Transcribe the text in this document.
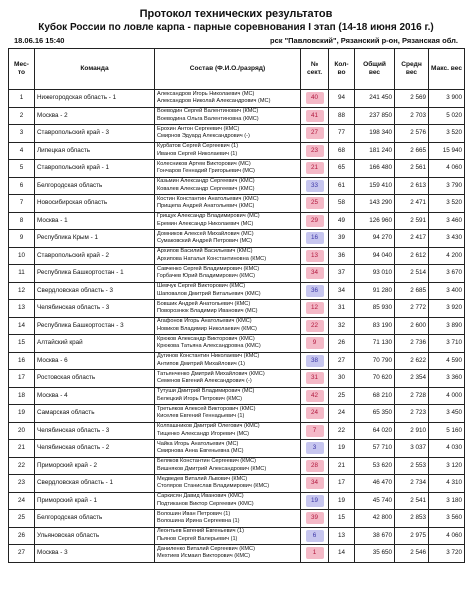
Протокол технических результатов
Кубок России по ловле карпа - парные соревнования I этап (14-18 июня 2016 г.)
18.06.16 15:40	рск "Павловский", Рязанский р-он, Рязанская обл.
Мес-то	Команда	Состав (Ф.И.О./разряд)	№ сект.	Кол-во	Общий вес	Средн вес	Макс. вес
1	Нижегородская область - 1	Александров Игорь Николаевич (МС)
Александров Николай Александрович (МС)	40	94	241 450	2 569	3 900
2	Москва - 2	Воеводин Сергей Валентинович (КМС)
Воеводина Ольга Валентиновна (КМС)	41	88	237 850	2 703	5 020
3	Ставропольский край - 3	Ерохин Антон Сергеевич (КМС)
Смирнов Эдуард Александрович (-)	27	77	198 340	2 576	3 520
4	Липецкая область	Курбатов Сергей Сергеевич (1)
Иванов Сергей Николаевич (1)	23	68	181 240	2 665	15 940
5	Ставропольский край - 1	Колесников Артем Викторович (МС)
Гончаров Геннадий Григорьевич (МС)	21	65	166 480	2 561	4 060
6	Белгородская область	Казьмин Александр Сергеевич (КМС)
Ковалев Александр Сергеевич (КМС)	33	61	159 410	2 613	3 790
7	Новосибирская область	Костин Константин Анатольевич (КМС)
Прищепа Андрей Анатольевич (КМС)	25	58	143 290	2 471	3 520
8	Москва - 1	Грищук Александр Владимирович (МС)
Еремин Александр Николаевич (МС)	29	49	126 960	2 591	3 460
9	Республика Крым - 1	Домников Алексей Михайлович (МС)
Сумаковский Андрей Петрович (МС)	16	39	94 270	2 417	3 430
10	Ставропольский край - 2	Архипов Василий Васильевич (КМС)
Архипова Наталья Константиновна (КМС)	13	36	94 040	2 612	4 200
11	Республика Башкортостан - 1	Савченко Сергей Владимирович (КМС)
Горбачев Юрий Владимирович (КМС)	34	37	93 010	2 514	3 670
12	Свердловская область - 3	Шевчук Сергей Викторович (КМС)
Шаповалов Дмитрий Витальевич (КМС)	36	34	91 280	2 685	3 400
13	Челябинская область - 3	Бовшик Андрей Анатольевич (КМС)
Поворознюк Владимир Иванович (МС)	12	31	85 930	2 772	3 920
14	Республика Башкортостан - 3	Агафонов Игорь Анатольевич (КМС)
Новиков Владимир Николаевич (КМС)	22	32	83 190	2 600	3 890
15	Алтайский край	Крюков Александр Викторович (КМС)
Крюкова Татьяна Александровна (КМС)	9	26	71 130	2 736	3 710
16	Москва - 6	Дугинов Константин Николаевич (КМС)
Антипов Дмитрий Михайлович (1)	38	27	70 790	2 622	4 590
17	Ростовская область	Татьянченко Дмитрий Михайлович (КМС)
Семенов Евгений Александрович (-)	31	30	70 620	2 354	3 360
18	Москва - 4	Тутуши Дмитрий Владимирович (МС)
Белецкий Игорь Петрович (КМС)	42	25	68 210	2 728	4 000
19	Самарская область	Третьяков Алексей Викторович (КМС)
Киселев Евгений Геннадьевич (1)	24	24	65 350	2 723	3 450
20	Челябинская область - 3	Колпашников Дмитрий Олегович (КМС)
Тищенко Александр Игоревич (МС)	7	22	64 020	2 910	5 160
21	Челябинская область - 2	Чайка Игорь Анатольевич (МС)
Смирнова Анна Евгеньевна (МС)	3	19	57 710	3 037	4 030
22	Приморский край - 2	Беляков Константин Сергеевич (КМС)
Вишняков Дмитрий Александрович (КМС)	28	21	53 620	2 553	3 120
23	Свердловская область - 1	Медведев Виталий Львович (КМС)
Столяров Станислав Владимирович (КМС)	34	17	46 470	2 734	4 310
24	Приморский край - 1	Саркисян Давид Иванович (КМС)
Подтиканов Виктор Сергеевич (КМС)	19	19	45 740	2 541	3 180
25	Белгородская область	Волошин Иван Петрович (1)
Волошина Ирина Сергеевна (1)	39	15	42 800	2 853	3 560
26	Ульяновская область	Леонтьев Евгений Евгеньевич (1)
Пьянов Сергей Валерьевич (1)	6	13	38 670	2 975	4 060
27	Москва - 3	Даниленко Виталий Сергеевич (КМС)
Мехтиев Исмаил Викторович (КМС)	1	14	35 650	2 546	3 720
